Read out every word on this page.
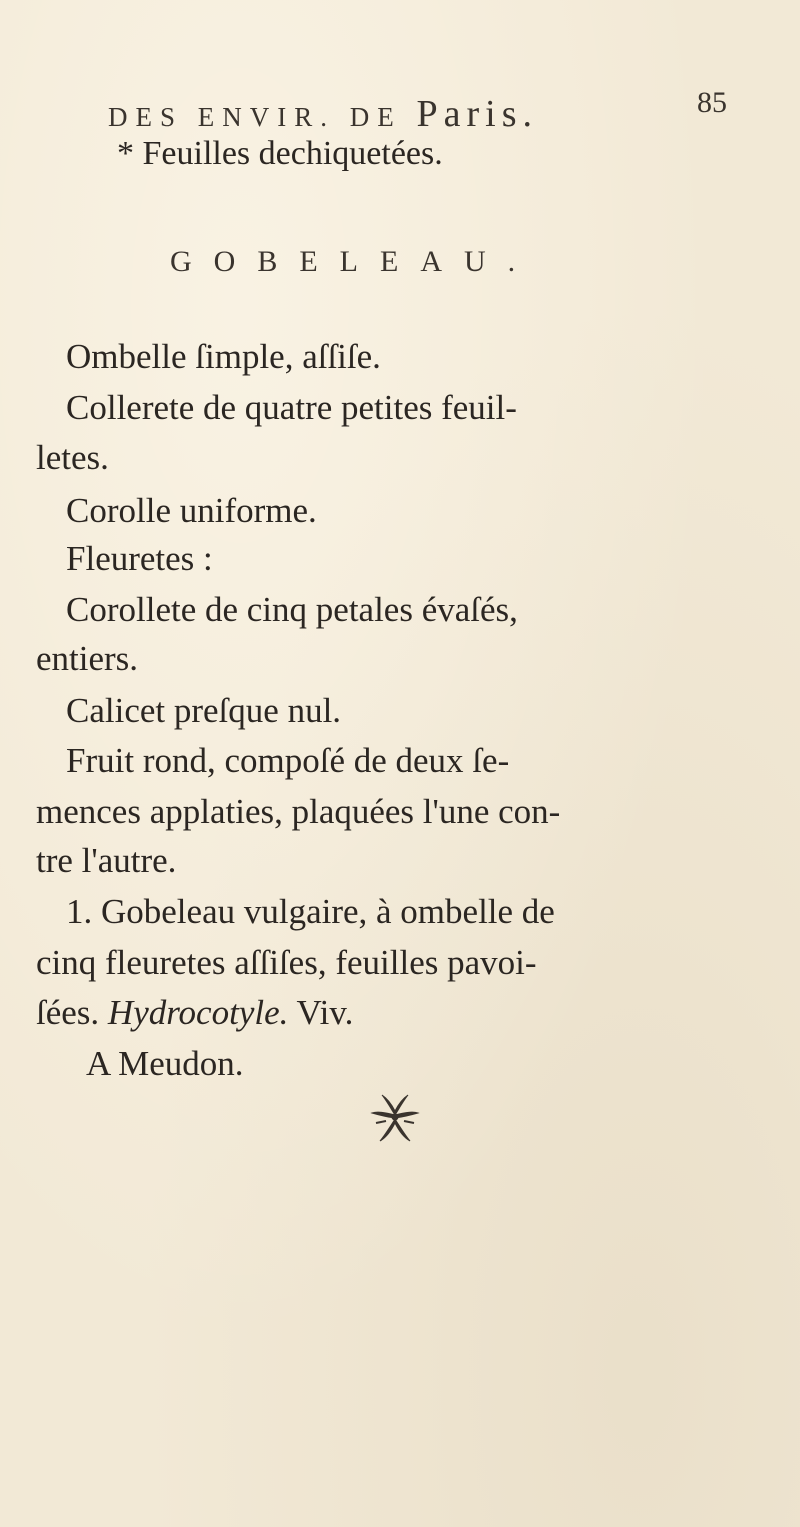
DES ENVIR. DE Paris.	85
* Feuilles dechiquetées.
GOBELEAU.
Ombelle ſimple, aſſiſe.
Collerete de quatre petites feuil-
letes.
Corolle uniforme.
Fleuretes :
Corollete de cinq petales évaſés,
entiers.
Calicet preſque nul.
Fruit rond, compoſé de deux ſe-
mences applaties, plaquées l'une con-
tre l'autre.
1. Gobeleau vulgaire, à ombelle de
cinq fleuretes aſſiſes, feuilles pavoi-
ſées. Hydrocotyle. Viv.
A Meudon.
